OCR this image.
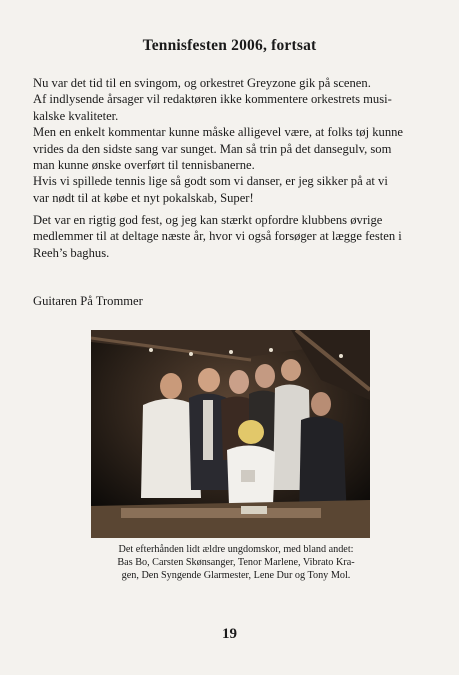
Tennisfesten 2006, fortsat

Nu var det tid til en svingom, og orkestret Greyzone gik på scenen.
Af indlysende årsager vil redaktøren ikke kommentere orkestrets musi-
kalske kvaliteter.
Men en enkelt kommentar kunne måske alligevel være, at folks tøj kunne
vrides da den sidste sang var sunget. Man så trin på det dansegulv, som
man kunne ønske overført til tennisbanerne.
Hvis vi spillede tennis lige så godt som vi danser, er jeg sikker på at vi
var nødt til at købe et nyt pokalskab, Super!

Det var en rigtig god fest, og jeg kan stærkt opfordre klubbens øvrige
medlemmer til at deltage næste år, hvor vi også forsøger at lægge festen i
Reeh’s baghus.

Guitaren På Trommer
Det efterhånden lidt ældre ungdomskor, med bland andet:
Bas Bo, Carsten Skønsanger, Tenor Marlene, Vibrato Kra-
gen, Den Syngende Glarmester, Lene Dur og Tony Mol.
19
